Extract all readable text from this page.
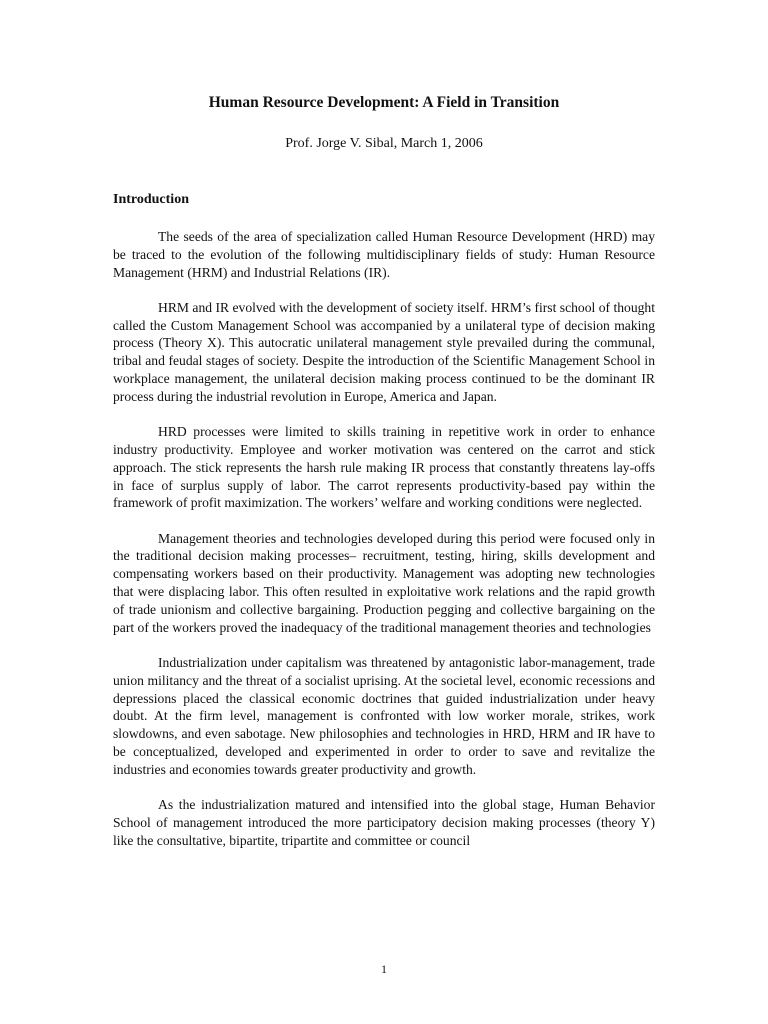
Human Resource Development: A Field in Transition
Prof. Jorge V. Sibal, March 1, 2006
Introduction

The seeds of the area of specialization called Human Resource Development (HRD) may be traced to the evolution of the following multidisciplinary fields of study: Human Resource Management (HRM) and Industrial Relations (IR).

HRM and IR evolved with the development of society itself. HRM’s first school of thought called the Custom Management School was accompanied by a unilateral type of decision making process (Theory X). This autocratic unilateral management style prevailed during the communal, tribal and feudal stages of society. Despite the introduction of the Scientific Management School in workplace management, the unilateral decision making process continued to be the dominant IR process during the industrial revolution in Europe, America and Japan.

HRD processes were limited to skills training in repetitive work in order to enhance industry productivity. Employee and worker motivation was centered on the carrot and stick approach. The stick represents the harsh rule making IR process that constantly threatens lay-offs in face of surplus supply of labor. The carrot represents productivity-based pay within the framework of profit maximization. The workers’ welfare and working conditions were neglected.

Management theories and technologies developed during this period were focused only in the traditional decision making processes– recruitment, testing, hiring, skills development and compensating workers based on their productivity. Management was adopting new technologies that were displacing labor. This often resulted in exploitative work relations and the rapid growth of trade unionism and collective bargaining. Production pegging and collective bargaining on the part of the workers proved the inadequacy of the traditional management theories and technologies

Industrialization under capitalism was threatened by antagonistic labor-management, trade union militancy and the threat of a socialist uprising. At the societal level, economic recessions and depressions placed the classical economic doctrines that guided industrialization under heavy doubt. At the firm level, management is confronted with low worker morale, strikes, work slowdowns, and even sabotage. New philosophies and technologies in HRD, HRM and IR have to be conceptualized, developed and experimented in order to order to save and revitalize the industries and economies towards greater productivity and growth.

As the industrialization matured and intensified into the global stage, Human Behavior School of management introduced the more participatory decision making processes (theory Y) like the consultative, bipartite, tripartite and committee or council

1
